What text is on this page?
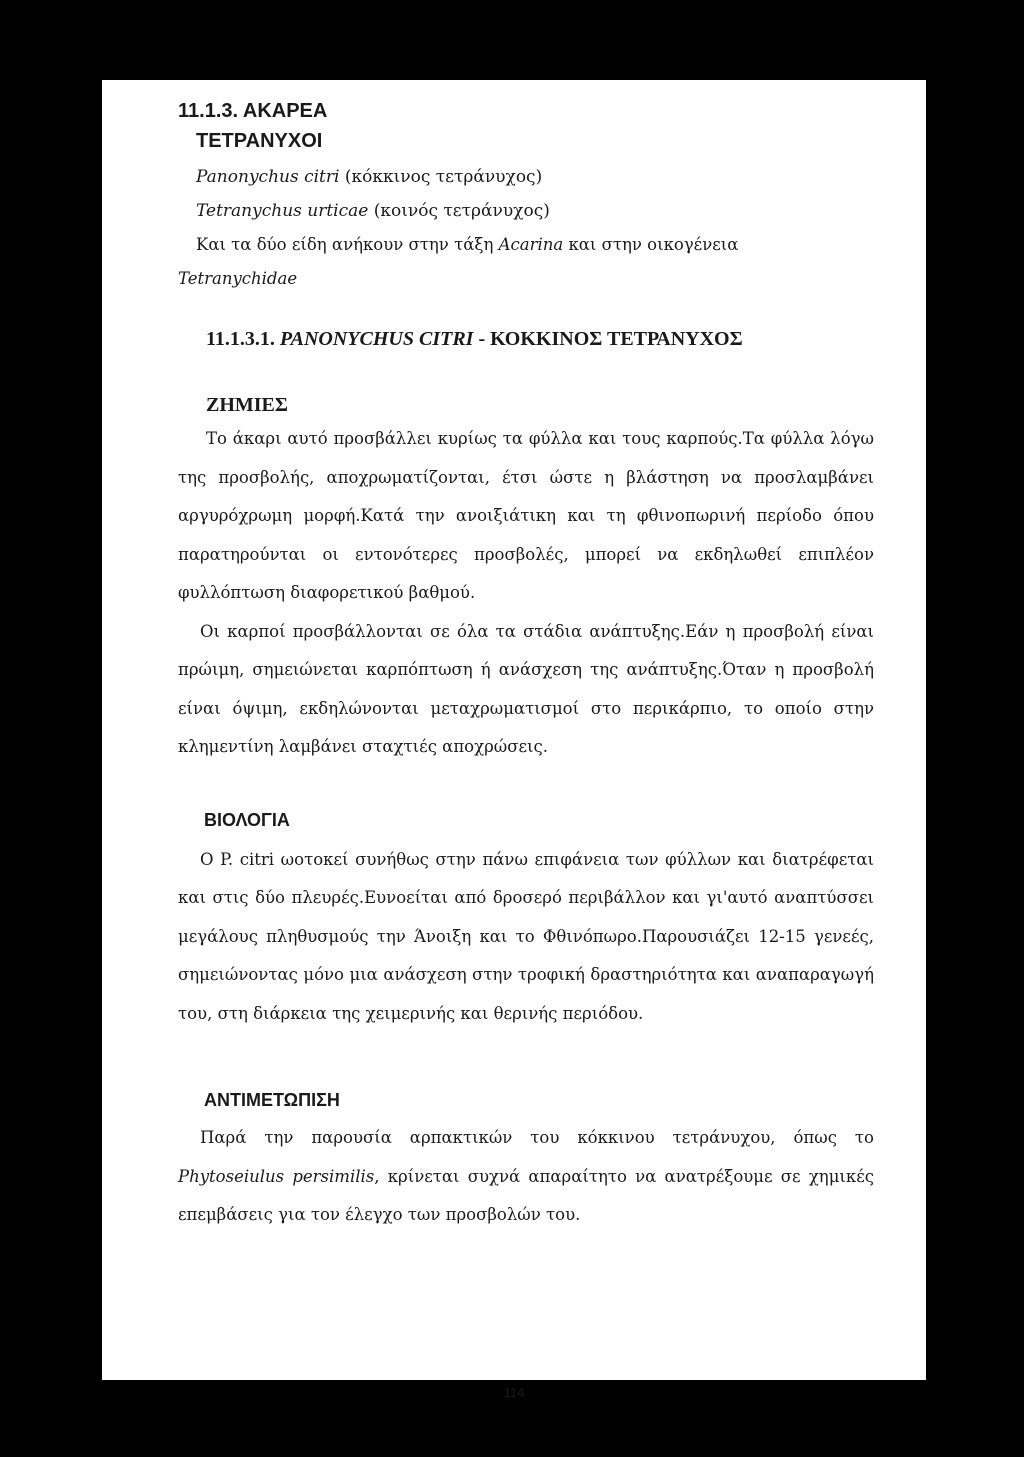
11.1.3. ΑΚΑΡΕΑ

ΤΕΤΡΑΝΥΧΟΙ

Panonychus citri (κόκκινος τετράνυχος)

Tetranychus urticae (κοινός τετράνυχος)

Και τα δύο είδη ανήκουν στην τάξη Acarina και στην οικογένεια
Tetranychidae

11.1.3.1. PANONYCHUS CITRI - ΚΟΚΚΙΝΟΣ ΤΕΤΡΑΝΥΧΟΣ

ΖΗΜΙΕΣ

Το άκαρι αυτό προσβάλλει κυρίως τα φύλλα και τους καρπούς.Τα φύλλα λόγω της προσβολής, αποχρωματίζονται, έτσι ώστε η βλάστηση να προσλαμβάνει αργυρόχρωμη μορφή.Κατά την ανοιξιάτικη και τη φθινοπωρινή περίοδο όπου παρατηρούνται οι εντονότερες προσβολές, μπορεί να εκδηλωθεί επιπλέον φυλλόπτωση διαφορετικού βαθμού.

Οι καρποί προσβάλλονται σε όλα τα στάδια ανάπτυξης.Εάν η προσβολή είναι πρώιμη, σημειώνεται καρπόπτωση ή ανάσχεση της ανάπτυξης.Όταν η προσβολή είναι όψιμη, εκδηλώνονται μεταχρωματισμοί στο περικάρπιο, το οποίο στην κλημεντίνη λαμβάνει σταχτιές αποχρώσεις.

ΒΙΟΛΟΓΙΑ

Ο P. citri ωοτοκεί συνήθως στην πάνω επιφάνεια των φύλλων και διατρέφεται και στις δύο πλευρές.Ευνοείται από δροσερό περιβάλλον και γι'αυτό αναπτύσσει μεγάλους πληθυσμούς την Άνοιξη και το Φθινόπωρο.Παρουσιάζει 12-15 γενεές, σημειώνοντας μόνο μια ανάσχεση στην τροφική δραστηριότητα και αναπαραγωγή του, στη διάρκεια της χειμερινής και θερινής περιόδου.

ΑΝΤΙΜΕΤΩΠΙΣΗ

Παρά την παρουσία αρπακτικών του κόκκινου τετράνυχου, όπως το Phytoseiulus persimilis, κρίνεται συχνά απαραίτητο να ανατρέξουμε σε χημικές επεμβάσεις για τον έλεγχο των προσβολών του.

114
